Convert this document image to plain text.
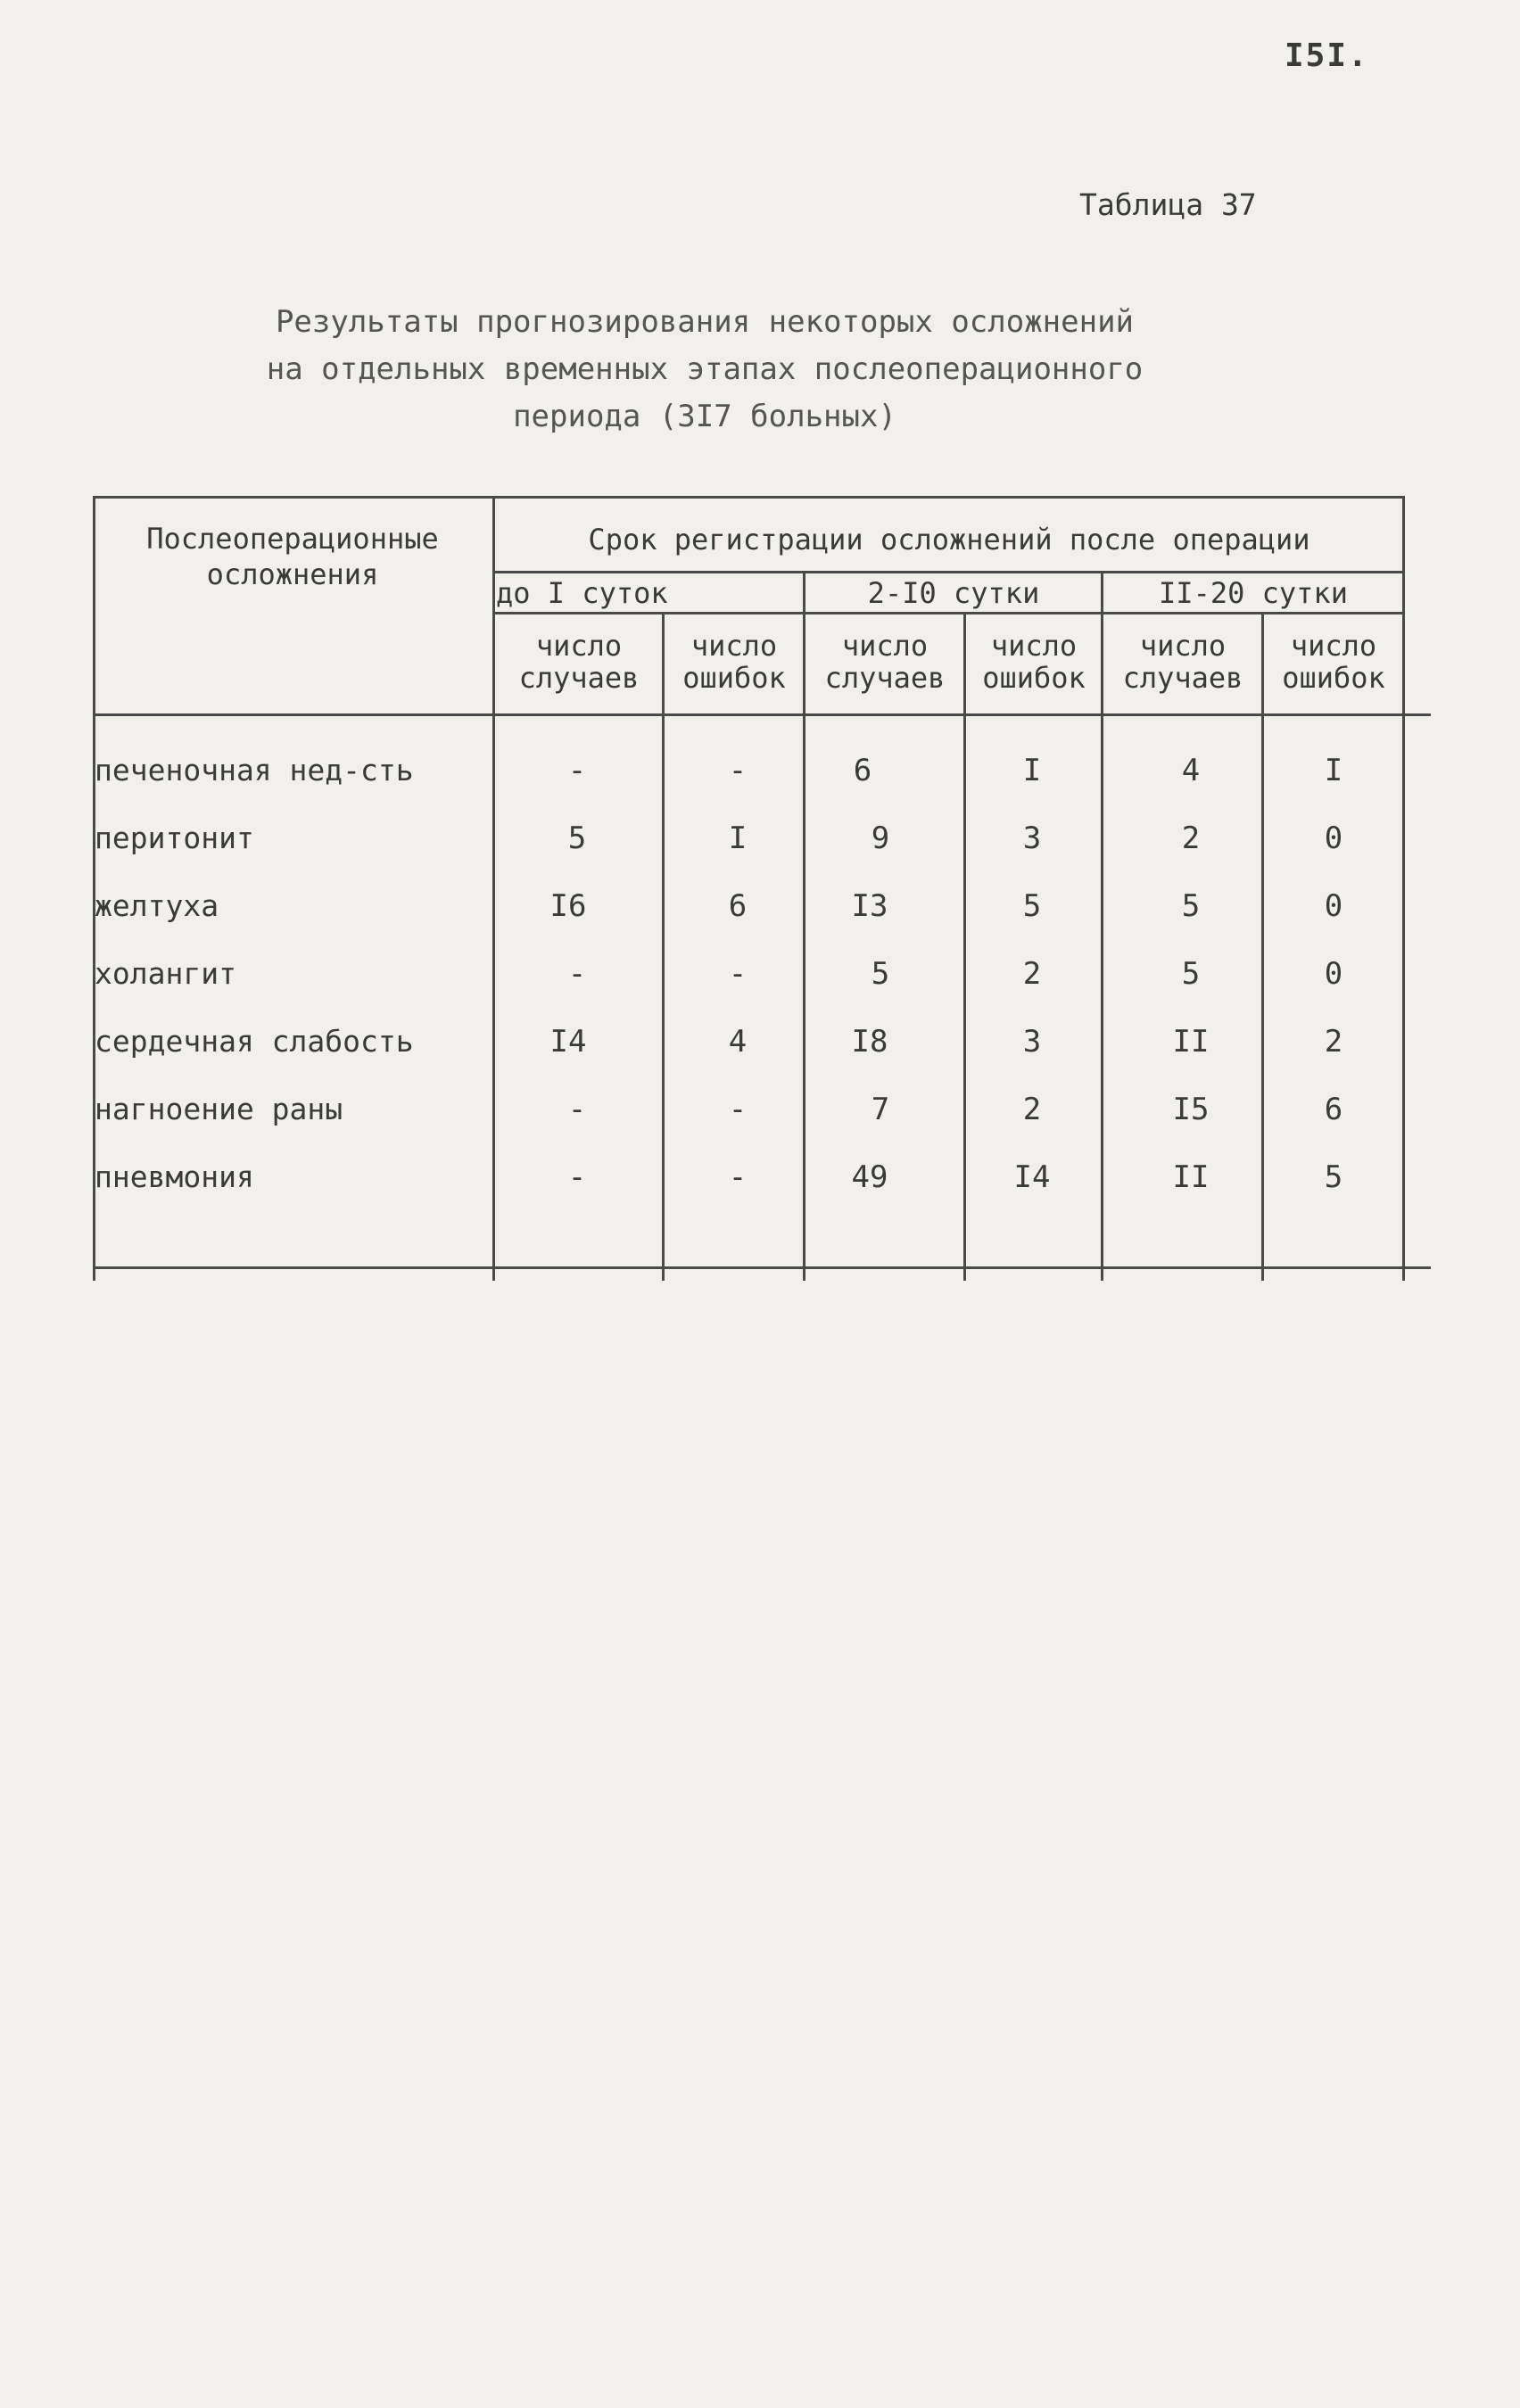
I5I.
Таблица 37
Результаты прогнозирования некоторых осложнений
на отдельных временных этапах послеоперационного
периода (3I7 больных)
Послеоперационные
осложнения
Срок регистрации осложнений после операции
до I суток	2-I0 сутки	II-20 сутки
число
случаев
число
ошибок
число
случаев
число
ошибок
число
случаев
число
ошибок
печеночная нед-сть	-	-	6	I	4	I
перитонит	5	I	9	3	2	0
желтуха	I6	6	I3	5	5	0
холангит	-	-	5	2	5	0
сердечная слабость	I4	4	I8	3	II	2
нагноение раны	-	-	7	2	I5	6
пневмония	-	-	49	I4	II	5
